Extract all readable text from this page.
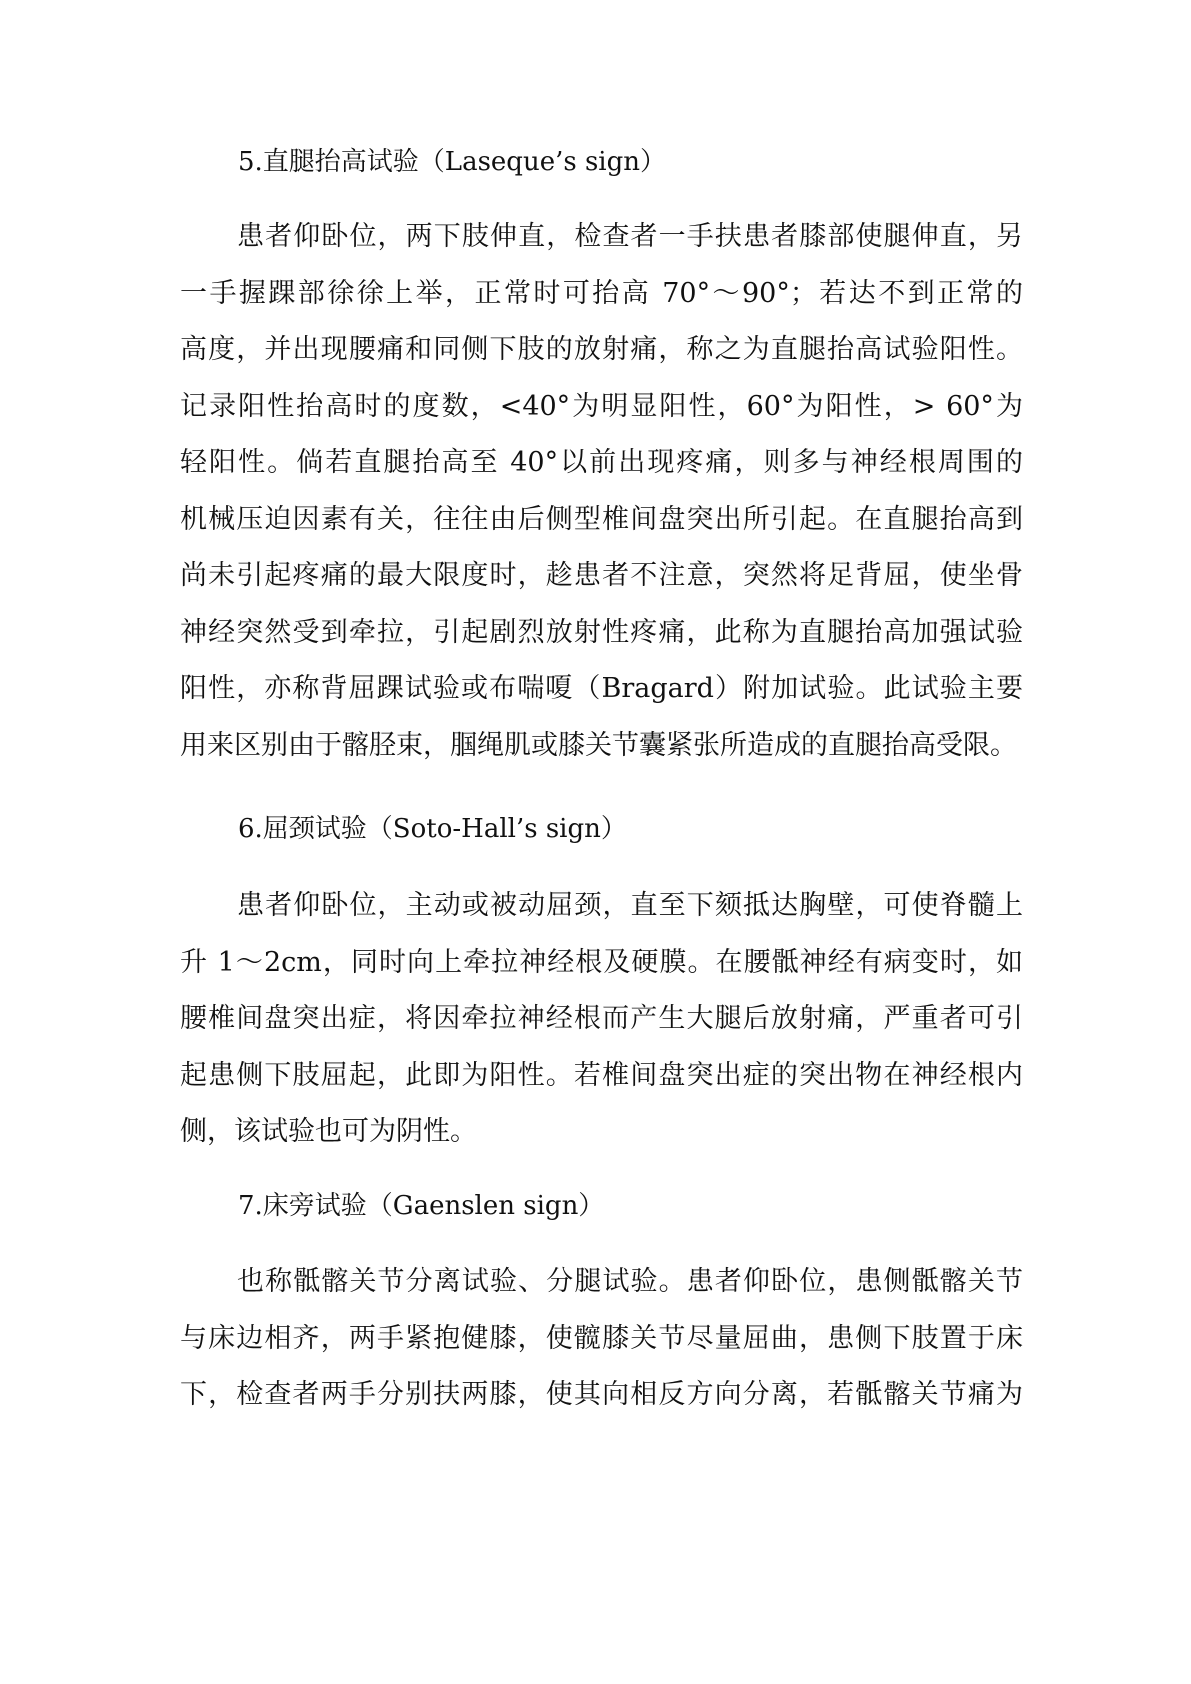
5.直腿抬高试验（Laseque’s sign）
患者仰卧位，两下肢伸直，检查者一手扶患者膝部使腿伸直，另
一手握踝部徐徐上举，正常时可抬高 70°～90°；若达不到正常的
高度，并出现腰痛和同侧下肢的放射痛，称之为直腿抬高试验阳性。
记录阳性抬高时的度数，<40°为明显阳性，60°为阳性，> 60°为
轻阳性。倘若直腿抬高至 40°以前出现疼痛，则多与神经根周围的
机械压迫因素有关，往往由后侧型椎间盘突出所引起。在直腿抬高到
尚未引起疼痛的最大限度时，趁患者不注意，突然将足背屈，使坐骨
神经突然受到牵拉，引起剧烈放射性疼痛，此称为直腿抬高加强试验
阳性，亦称背屈踝试验或布喘嗄（Bragard）附加试验。此试验主要
用来区别由于髂胫束，腘绳肌或膝关节囊紧张所造成的直腿抬高受限。
6.屈颈试验（Soto-Hall’s sign）
患者仰卧位，主动或被动屈颈，直至下颏抵达胸壁，可使脊髓上
升 1～2cm，同时向上牵拉神经根及硬膜。在腰骶神经有病变时，如
腰椎间盘突出症，将因牵拉神经根而产生大腿后放射痛，严重者可引
起患侧下肢屈起，此即为阳性。若椎间盘突出症的突出物在神经根内
侧，该试验也可为阴性。
7.床旁试验（Gaenslen sign）
也称骶髂关节分离试验、分腿试验。患者仰卧位，患侧骶髂关节
与床边相齐，两手紧抱健膝，使髋膝关节尽量屈曲，患侧下肢置于床
下，检查者两手分别扶两膝，使其向相反方向分离，若骶髂关节痛为
